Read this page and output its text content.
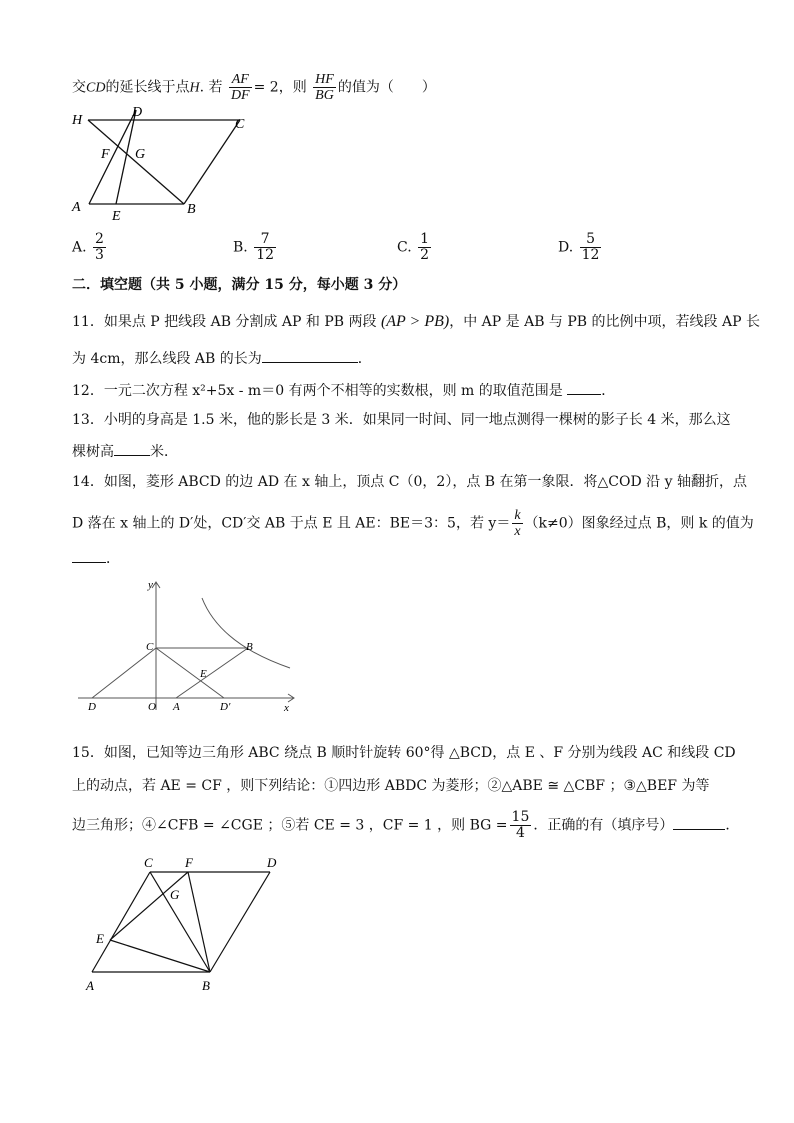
交CD的延长线于点H. 若 $\frac{AF}{DF} = 2$，则 $\frac{HF}{BG}$ 的值为（　　）
H
D
C
F G
A
E	B
A. $\frac{2}{3}$	B. $\frac{7}{12}$	C. $\frac{1}{2}$	D. $\frac{5}{12}$
二．填空题（共 5 小题，满分 15 分，每小题 3 分）
11．如果点 P 把线段 AB 分割成 AP 和 PB 两段 (AP > PB)，中 AP 是 AB 与 PB 的比例中项，若线段 AP 长
为 4cm，那么线段 AB 的长为	．
12．一元二次方程 x²+5x - m＝0 有两个不相等的实数根，则 m 的取值范围是	．
13．小明的身高是 1.5 米，他的影长是 3 米．如果同一时间、同一地点测得一棵树的影子长 4 米，那么这
棵树高	米．
14．如图，菱形 ABCD 的边 AD 在 x 轴上，顶点 C（0，2），点 B 在第一象限．将△COD 沿 y 轴翻折，点
D 落在 x 轴上的 D′处，CD′交 AB 于点 E 且 AE：BE＝3：5，若 $y= \frac{k}{x} (k\ne 0)$图象经过点 B，则 k 的值为
．
y
x
C	B
E
D	O A	D′
15．如图，已知等边三角形 ABC 绕点 B 顺时针旋转 60°得 △BCD，点 E 、F 分别为线段 AC 和线段 CD
上的动点，若 AE = CF ，则下列结论：①四边形 ABDC 为菱形；②△ABE ≅ △CBF ；③△BEF 为等
边三角形；④∠CFB = ∠CGE ；⑤若 CE = 3 ，CF = 1 ，则 BG = $\frac{15}{4}$ ．正确的有（填序号）	．
C F	D
G
E
A	B
